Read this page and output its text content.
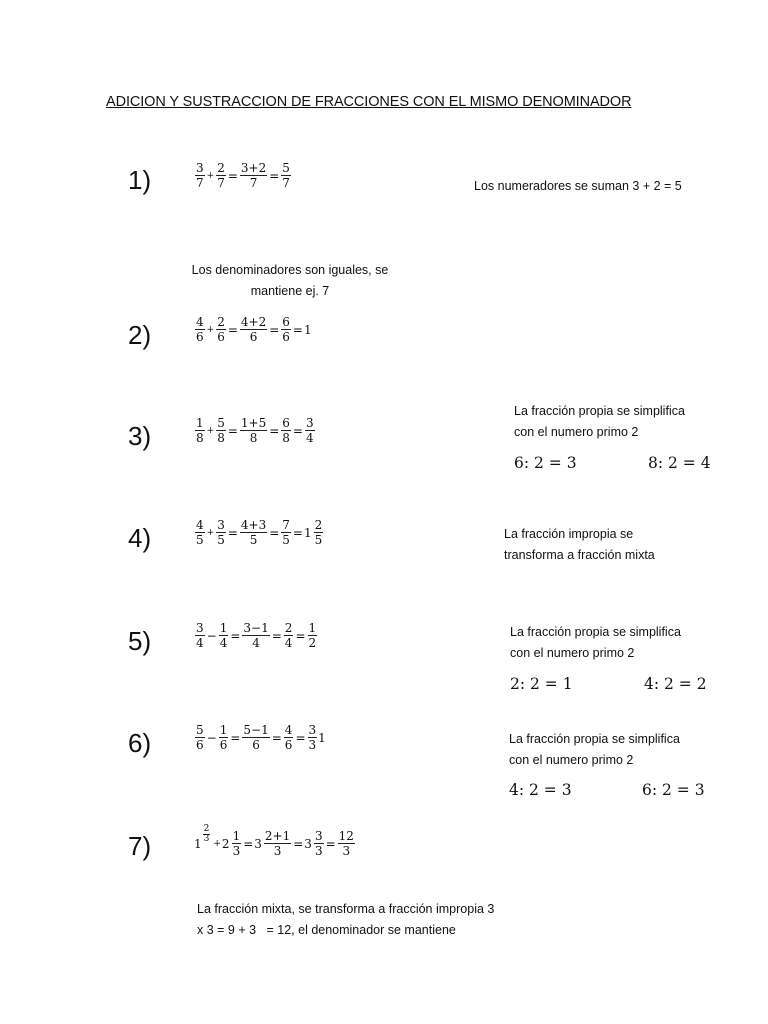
ADICION Y SUSTRACCION DE FRACCIONES CON EL MISMO DENOMINADOR
1)	$\frac{3}{7} + \frac{2}{7} = \frac{3+2}{7} = \frac{5}{7}$
2)	$\frac{4}{6} + \frac{2}{6} = \frac{4+2}{6} = \frac{6}{6} = 1$
3)	$\frac{1}{8} + \frac{5}{8} = \frac{1+5}{8} = \frac{6}{8} = \frac{3}{4}$
4)	$\frac{4}{5} + \frac{3}{5} = \frac{4+3}{5} = \frac{7}{5} = 1 \frac{2}{5}$
5)	$\frac{3}{4} - \frac{1}{4} = \frac{3-1}{4} = \frac{2}{4} = \frac{1}{2}$
6)	$\frac{5}{6} - \frac{1}{6} = \frac{5-1}{6} = \frac{4}{6} = \frac{3}{3} 1$
7)	$1 \frac{2}{3} + 2 \frac{1}{3} = 3 \frac{2+1}{3} = 3 \frac{3}{3} = \frac{12}{3}$
Los numeradores se suman 3 + 2 = 5
Los denominadores son iguales, se
mantiene ej. 7
La fracción propia se simplifica
con el numero primo 2
6: 2 = 3	8: 2 = 4
La fracción impropia se
transforma a fracción mixta
La fracción propia se simplifica
con el numero primo 2
2: 2 = 1	4: 2 = 2
La fracción propia se simplifica
con el numero primo 2
4: 2 = 3	6: 2 = 3
La fracción mixta, se transforma a fracción impropia 3
x 3 = 9 + 3   = 12, el denominador se mantiene
